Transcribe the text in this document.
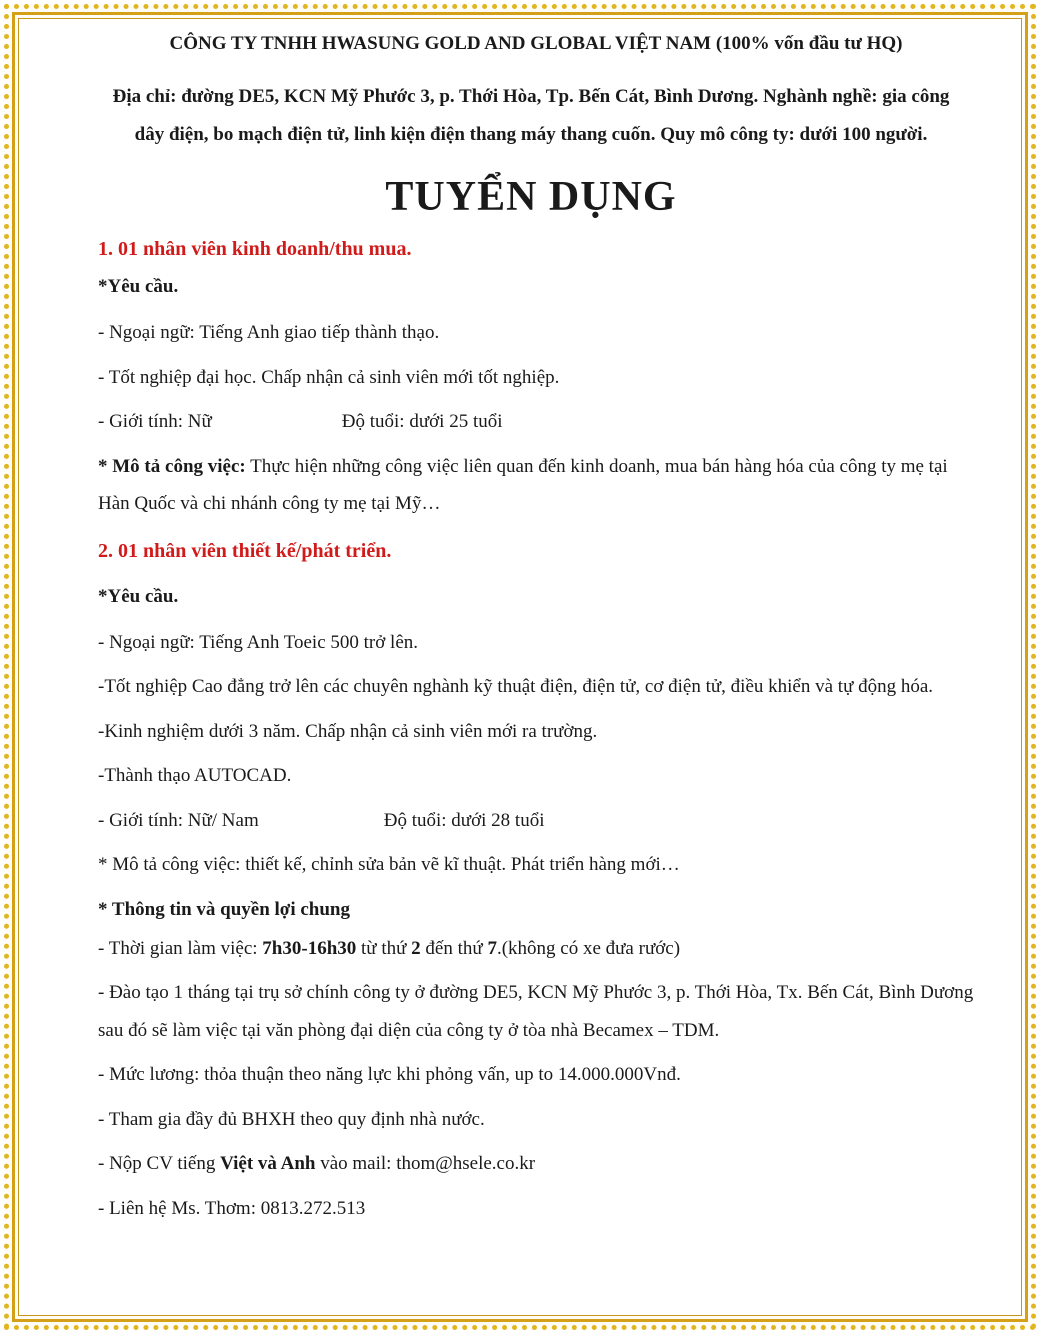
CÔNG TY TNHH HWASUNG GOLD AND GLOBAL VIỆT NAM (100% vốn đầu tư HQ)

Địa chỉ: đường DE5, KCN Mỹ Phước 3, p. Thới Hòa, Tp. Bến Cát, Bình Dương. Nghành nghề: gia công dây điện, bo mạch điện tử, linh kiện điện thang máy thang cuốn. Quy mô công ty: dưới 100 người.

TUYỂN DỤNG

1. 01 nhân viên kinh doanh/thu mua.

*Yêu cầu.

- Ngoại ngữ: Tiếng Anh giao tiếp thành thạo.

- Tốt nghiệp đại học. Chấp nhận cả sinh viên mới tốt nghiệp.

- Giới tính: Nữ	Độ tuổi: dưới 25 tuổi

* Mô tả công việc: Thực hiện những công việc liên quan đến kinh doanh, mua bán hàng hóa của công ty mẹ tại Hàn Quốc và chi nhánh công ty mẹ tại Mỹ…

2. 01 nhân viên thiết kế/phát triển.

*Yêu cầu.

- Ngoại ngữ: Tiếng Anh Toeic 500 trở lên.

-Tốt nghiệp Cao đẳng trở lên các chuyên nghành kỹ thuật điện, điện tử, cơ điện tử, điều khiển và tự động hóa.

-Kinh nghiệm dưới 3 năm. Chấp nhận cả sinh viên mới ra trường.

-Thành thạo AUTOCAD.

- Giới tính: Nữ/ Nam	Độ tuổi: dưới 28 tuổi

* Mô tả công việc: thiết kế, chỉnh sửa bản vẽ kĩ thuật. Phát triển hàng mới…

* Thông tin và quyền lợi chung

- Thời gian làm việc: 7h30-16h30 từ thứ 2 đến thứ 7.(không có xe đưa rước)

- Đào tạo 1 tháng tại trụ sở chính công ty ở đường DE5, KCN Mỹ Phước 3, p. Thới Hòa, Tx. Bến Cát, Bình Dương sau đó sẽ làm việc tại văn phòng đại diện của công ty ở tòa nhà Becamex – TDM.

- Mức lương: thỏa thuận theo năng lực khi phỏng vấn, up to 14.000.000Vnđ.

- Tham gia đầy đủ BHXH theo quy định nhà nước.

- Nộp CV tiếng Việt và Anh vào mail: thom@hsele.co.kr

- Liên hệ Ms. Thơm: 0813.272.513
